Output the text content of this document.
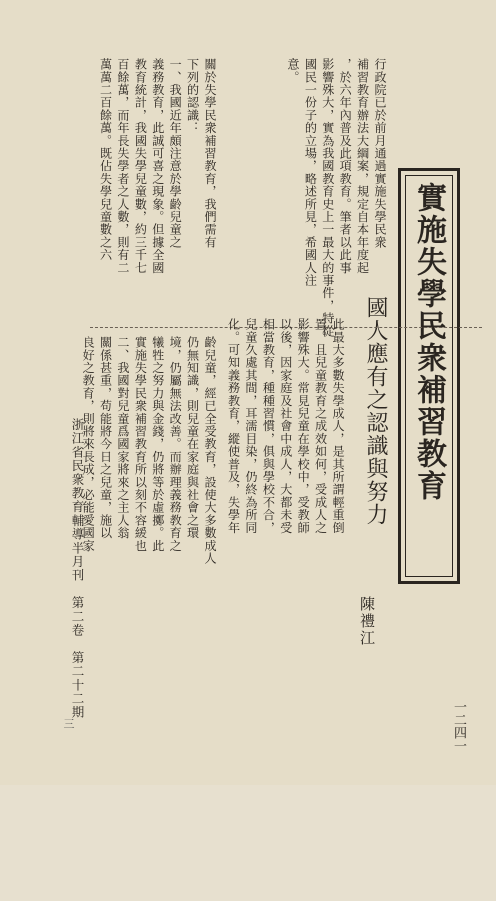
實施失學民衆補習教育
國人應有之認識與努力
陳禮江
行政院已於前月通過實施失學民衆
補習教育辦法大綱案，規定自本年度起
，於六年內普及此項教育。筆者以此事
影響殊大，實為我國教育史上一最大的事件，特從
國民一份子的立場，略述所見，希國人注
意。
關於失學民衆補習教育，我們需有
下列的認識：
一、我國近年頗注意於學齡兒童之
義務教育，此誠可喜之現象。但據全國
教育統計，我國失學兒童數，約三千七
百餘萬，而年長失學者之人數，則有二
萬萬二百餘萬。既佔失學兒童數之六
此最大多數失學成人，是其所謂輕重倒
置。且兒童教育之成效如何，受成人之
影響殊大。常見兒童在學校中，受教師
以後，因家庭及社會中成人，大都未受
相當教育，種種習慣，俱與學校不合，
兒童久處其間，耳濡目染，仍終為所同
化。可知義務教育，縱使普及，失學年
齡兒童，經已全受教育，設使大多數成人
仍無知識，則兒童在家庭與社會之環
境，仍屬無法改善。而辦理義務教育之
犧牲之努力與金錢，仍將等於虛擲。此
實施失學民衆補習教育所以刻不容緩也
二、我國對兒童爲國家將來之主人翁
關係甚重，苟能將今日之兒童，施以
良好之教育，則將來長成，必能愛國家
浙江省民衆教育輔導半月刊　第二卷　第二十二期
一二四一
三
